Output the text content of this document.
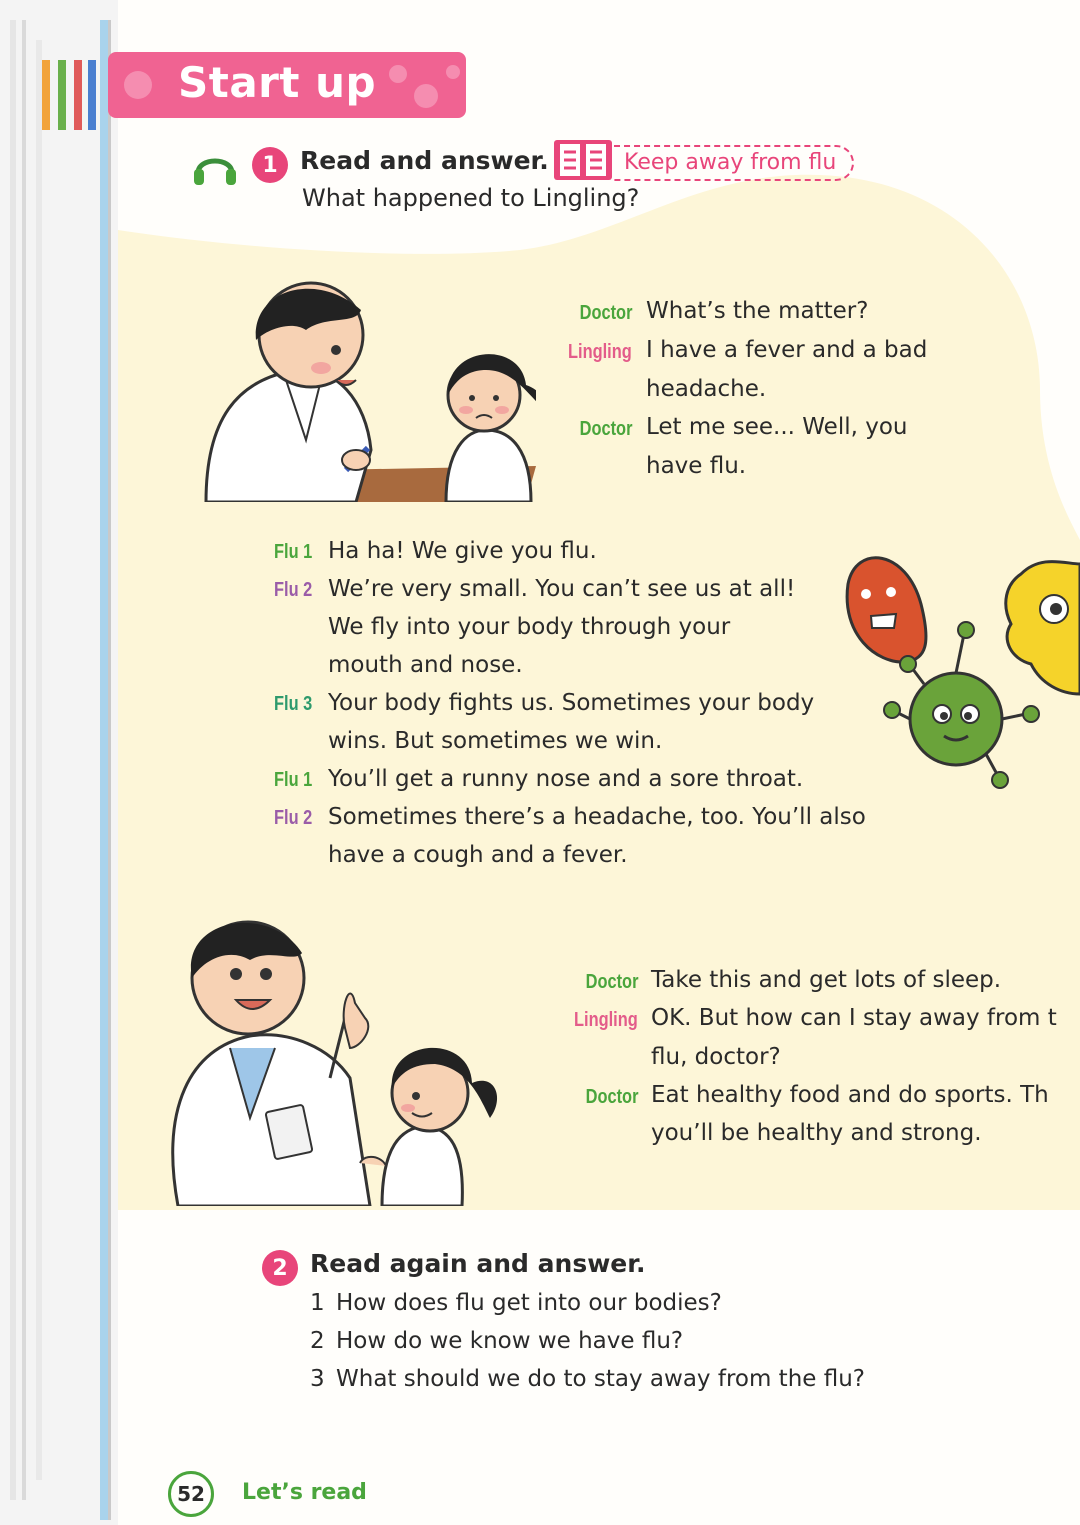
Start up
1 Read and answer.	Keep away from flu
What happened to Lingling?
Doctor What’s the matter?
Lingling I have a fever and a bad
headache.
Doctor Let me see... Well, you
have flu.
Flu 1 Ha ha! We give you flu.
Flu 2 We’re very small. You can’t see us at all!
We fly into your body through your
mouth and nose.
Flu 3 Your body fights us. Sometimes your body
wins. But sometimes we win.
Flu 1 You’ll get a runny nose and a sore throat.
Flu 2 Sometimes there’s a headache, too. You’ll also
have a cough and a fever.
Doctor Take this and get lots of sleep.
Lingling OK. But how can I stay away from t
flu, doctor?
Doctor Eat healthy food and do sports. Th
you’ll be healthy and strong.
2 Read again and answer.
1 How does flu get into our bodies?
2 How do we know we have flu?
3 What should we do to stay away from the flu?
52	Let’s read
